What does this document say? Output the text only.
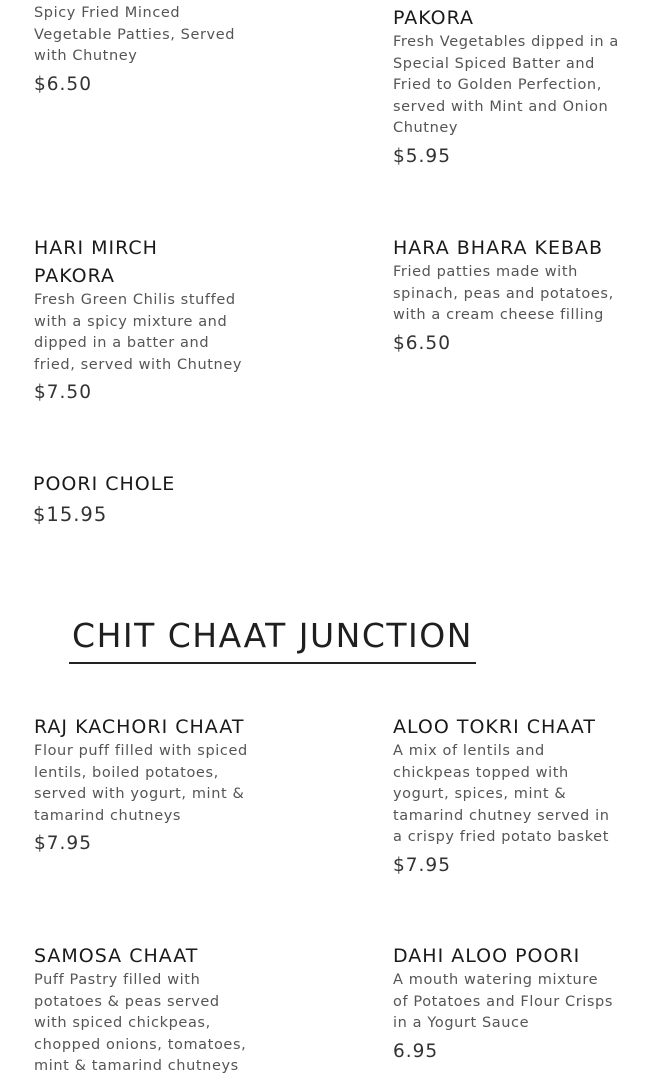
Spicy Fried Minced Vegetable Patties, Served with Chutney
$6.50
PAKORA
Fresh Vegetables dipped in a Special Spiced Batter and Fried to Golden Perfection, served with Mint and Onion Chutney
$5.95
HARI MIRCH PAKORA
Fresh Green Chilis stuffed with a spicy mixture and dipped in a batter and fried, served with Chutney
$7.50
HARA BHARA KEBAB
Fried patties made with spinach, peas and potatoes, with a cream cheese filling
$6.50
POORI CHOLE
$15.95
CHIT CHAAT JUNCTION
RAJ KACHORI CHAAT
Flour puff filled with spiced lentils, boiled potatoes, served with yogurt, mint & tamarind chutneys
$7.95
ALOO TOKRI CHAAT
A mix of lentils and chickpeas topped with yogurt, spices, mint & tamarind chutney served in a crispy fried potato basket
$7.95
SAMOSA CHAAT
Puff Pastry filled with potatoes & peas served with spiced chickpeas, chopped onions, tomatoes, mint & tamarind chutneys
DAHI ALOO POORI
A mouth watering mixture of Potatoes and Flour Crisps in a Yogurt Sauce
6.95
